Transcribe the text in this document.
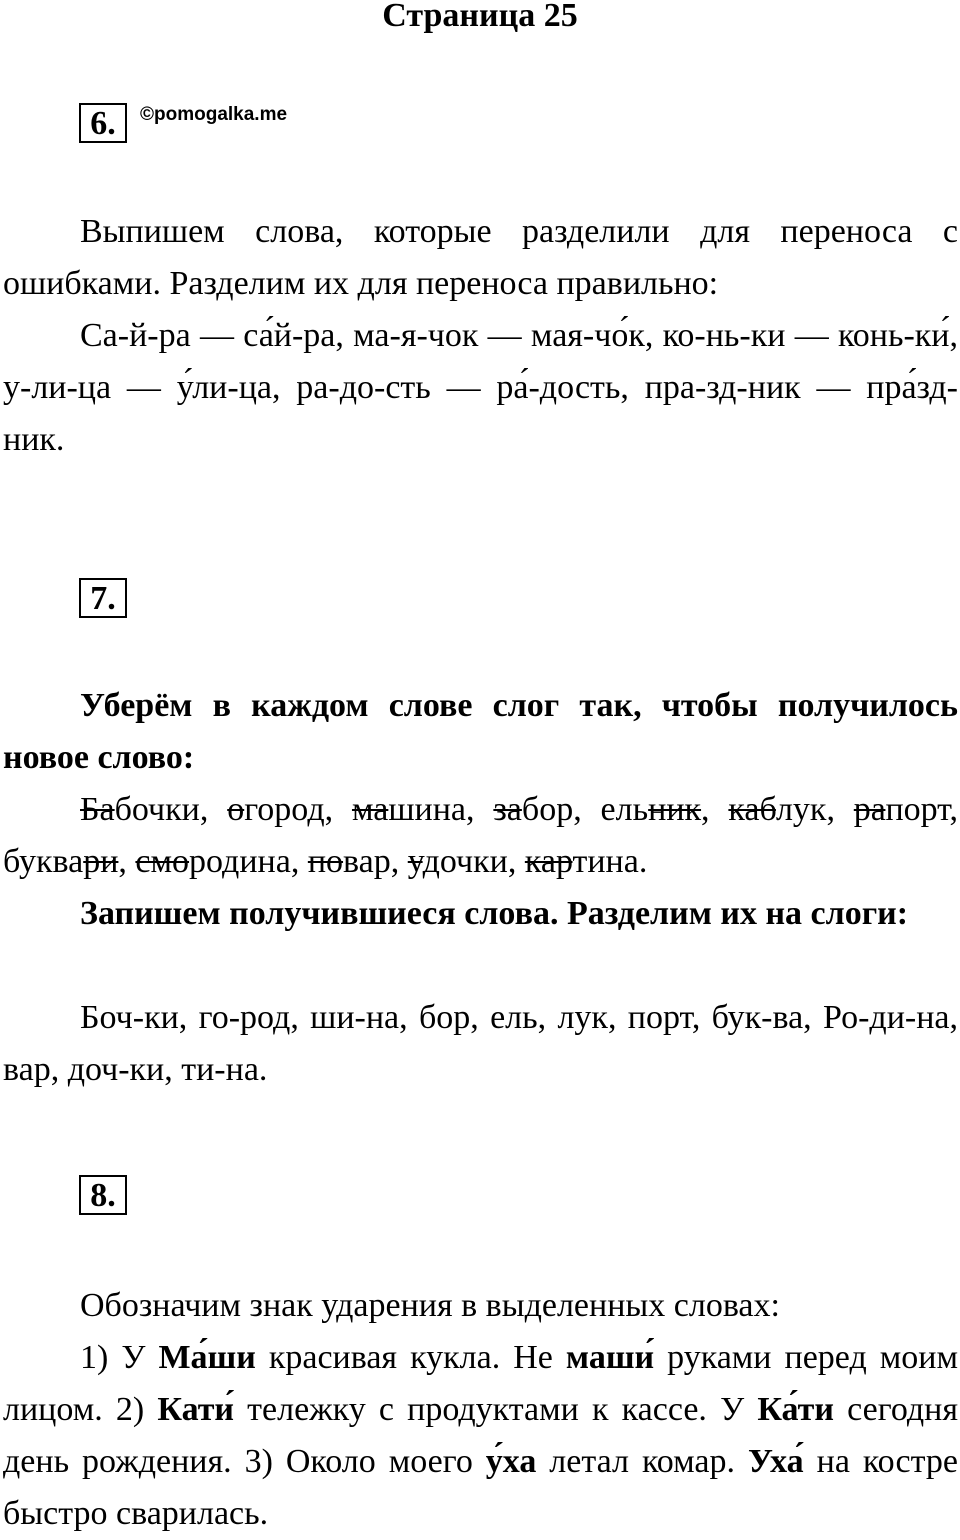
Страница 25
6.	©pomogalka.me

Выпишем слова, которые разделили для переноса с ошибками. Разделим их для переноса правильно:

Са-й-ра — са́й-ра, ма-я-чок — мая-чо́к, ко-нь-ки — конь-ки́, у-ли-ца — у́ли-ца, ра-до-сть — ра́-дость, пра-зд-ник — пра́зд-ник.

7.

Уберём в каждом слове слог так, чтобы получилось новое слово:

Бабочки, огород, машина, забор, ельник, каблук, рапорт, буквари, смородина, повар, удочки, картина.

Запишем получившиеся слова. Разделим их на слоги:

Боч-ки, го-род, ши-на, бор, ель, лук, порт, бук-ва, Ро-ди-на, вар, доч-ки, ти-на.

8.

Обозначим знак ударения в выделенных словах:

1) У Ма́ши красивая кукла. Не маши́ руками перед моим лицом. 2) Кати́ тележку с продуктами к кассе. У Ка́ти сегодня день рождения. 3) Около моего у́ха летал комар. Уха́ на костре быстро сварилась.
